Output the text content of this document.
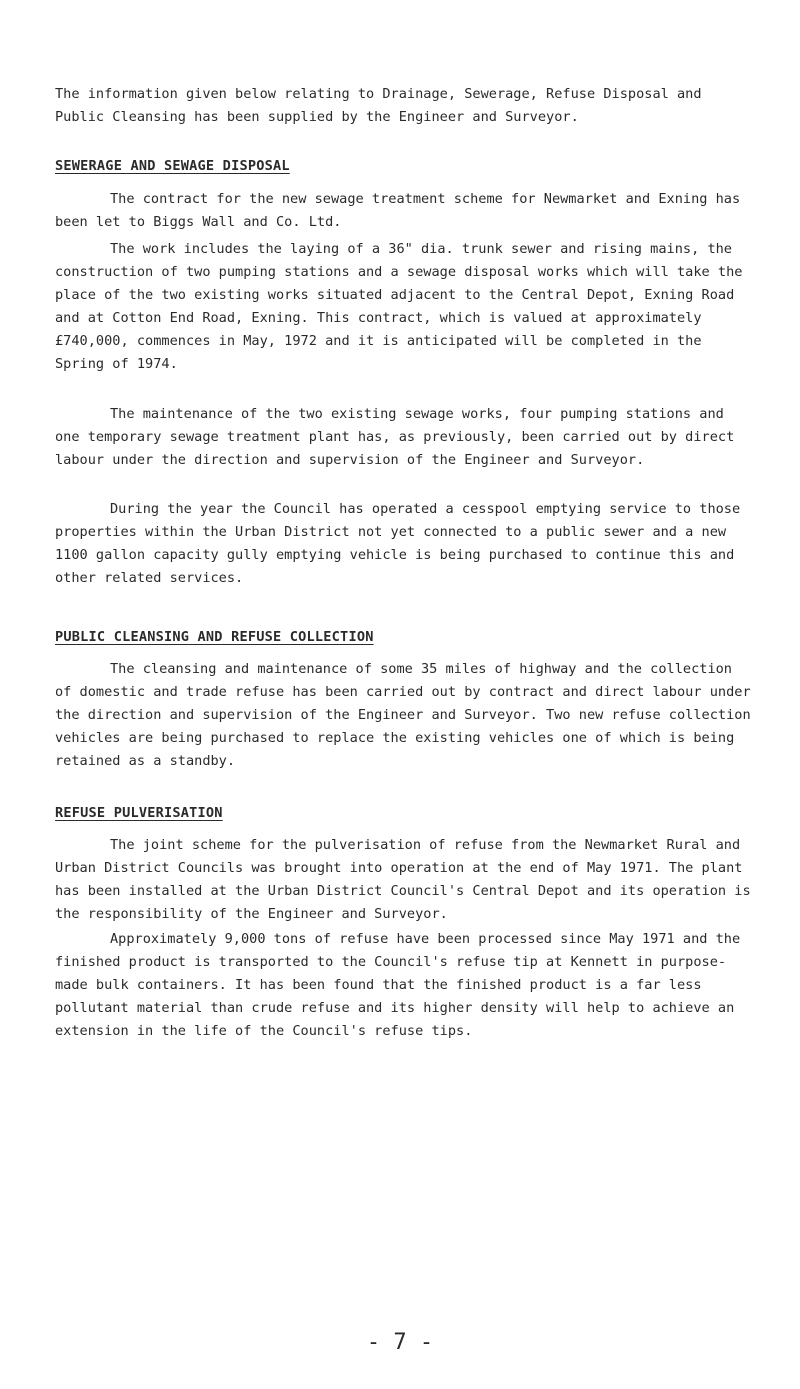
The information given below relating to Drainage, Sewerage, Refuse Disposal and Public Cleansing has been supplied by the Engineer and Surveyor.

SEWERAGE AND SEWAGE DISPOSAL

The contract for the new sewage treatment scheme for Newmarket and Exning has been let to Biggs Wall and Co. Ltd.

The work includes the laying of a 36" dia. trunk sewer and rising mains, the construction of two pumping stations and a sewage disposal works which will take the place of the two existing works situated adjacent to the Central Depot, Exning Road and at Cotton End Road, Exning. This contract, which is valued at approximately £740,000, commences in May, 1972 and it is anticipated will be completed in the Spring of 1974.

The maintenance of the two existing sewage works, four pumping stations and one temporary sewage treatment plant has, as previously, been carried out by direct labour under the direction and supervision of the Engineer and Surveyor.

During the year the Council has operated a cesspool emptying service to those properties within the Urban District not yet connected to a public sewer and a new 1100 gallon capacity gully emptying vehicle is being purchased to continue this and other related services.

PUBLIC CLEANSING AND REFUSE COLLECTION

The cleansing and maintenance of some 35 miles of highway and the collection of domestic and trade refuse has been carried out by contract and direct labour under the direction and supervision of the Engineer and Surveyor. Two new refuse collection vehicles are being purchased to replace the existing vehicles one of which is being retained as a standby.

REFUSE PULVERISATION

The joint scheme for the pulverisation of refuse from the Newmarket Rural and Urban District Councils was brought into operation at the end of May 1971. The plant has been installed at the Urban District Council's Central Depot and its operation is the responsibility of the Engineer and Surveyor.

Approximately 9,000 tons of refuse have been processed since May 1971 and the finished product is transported to the Council's refuse tip at Kennett in purpose-made bulk containers. It has been found that the finished product is a far less pollutant material than crude refuse and its higher density will help to achieve an extension in the life of the Council's refuse tips.

- 7 -
